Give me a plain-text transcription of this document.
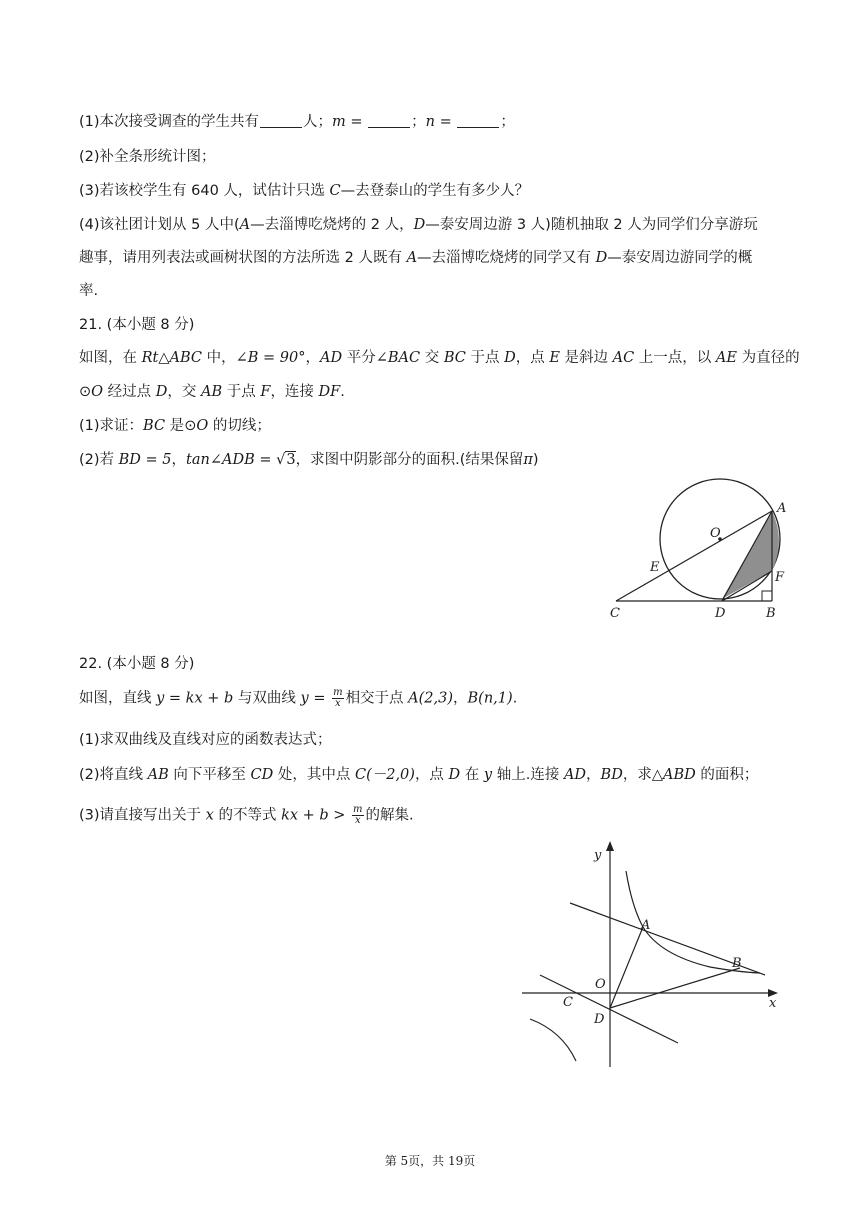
(1)本次接受调查的学生共有	人；m =	；n =	；
(2)补全条形统计图；
(3)若该校学生有 640 人，试估计只选 C—去登泰山的学生有多少人？
(4)该社团计划从 5 人中(A—去淄博吃烧烤的 2 人，D—泰安周边游 3 人)随机抽取 2 人为同学们分享游玩
趣事，请用列表法或画树状图的方法所选 2 人既有 A—去淄博吃烧烤的同学又有 D—泰安周边游同学的概
率.
21. (本小题 8 分)
如图，在 Rt△ABC 中，∠B = 90°，AD 平分∠BAC 交 BC 于点 D，点 E 是斜边 AC 上一点，以 AE 为直径的
⊙O 经过点 D，交 AB 于点 F，连接 DF.
(1)求证：BC 是⊙O 的切线；
(2)若 BD = 5，tan∠ADB = √3，求图中阴影部分的面积.(结果保留π)
A
O
E
F
C	D	B
22. (本小题 8 分)
如图，直线 y = kx + b 与双曲线 $y = \frac{m}{x}$ 相交于点 A(2,3)，B(n,1).
(1)求双曲线及直线对应的函数表达式；
(2)将直线 AB 向下平移至 CD 处，其中点 C(－2,0)，点 D 在 y 轴上.连接 AD，BD，求△ABD 的面积；
(3)请直接写出关于 x 的不等式 kx + $b > \frac{m}{x}$ 的解集.
y
x
A
B
O
C
D
第 5页，共 19页
